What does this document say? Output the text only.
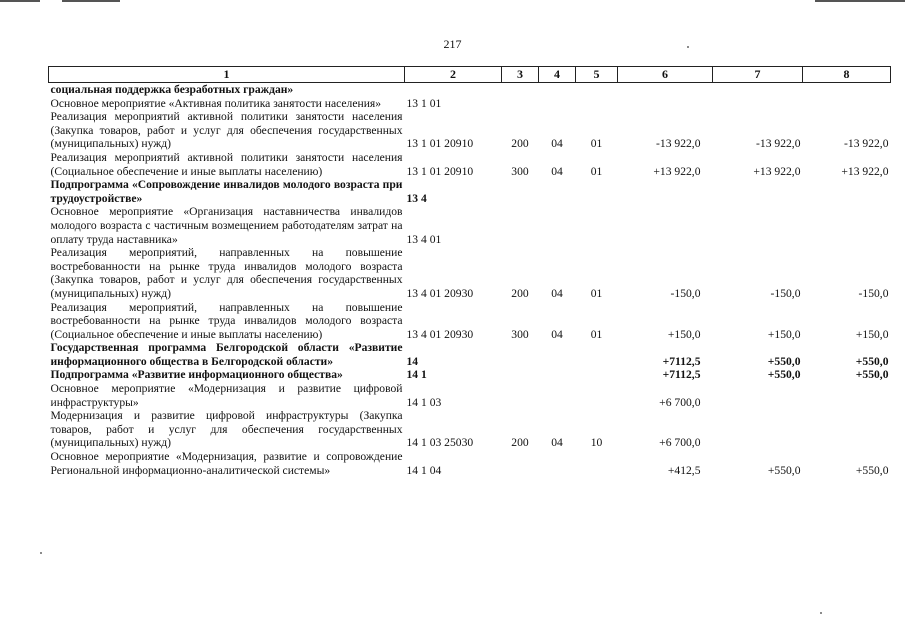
217
1	2	3	4	5	6	7	8
социальная поддержка безработных граждан»							
Основное мероприятие «Активная политика занятости населения»	13 1 01						
Реализация мероприятий активной политики занятости населения (Закупка товаров, работ и услуг для обеспечения государственных (муниципальных) нужд)	13 1 01 20910	200	04	01	-13 922,0	-13 922,0	-13 922,0
Реализация мероприятий активной политики занятости населения (Социальное обеспечение и иные выплаты населению)	13 1 01 20910	300	04	01	+13 922,0	+13 922,0	+13 922,0
Подпрограмма «Сопровождение инвалидов молодого возраста при трудоустройстве»	13 4						
Основное мероприятие «Организация наставничества инвалидов молодого возраста с частичным возмещением работодателям затрат на оплату труда наставника»	13 4 01						
Реализация мероприятий, направленных на повышение востребованности на рынке труда инвалидов молодого возраста (Закупка товаров, работ и услуг для обеспечения государственных (муниципальных) нужд)	13 4 01 20930	200	04	01	-150,0	-150,0	-150,0
Реализация мероприятий, направленных на повышение востребованности на рынке труда инвалидов молодого возраста (Социальное обеспечение и иные выплаты населению)	13 4 01 20930	300	04	01	+150,0	+150,0	+150,0
Государственная программа Белгородской области «Развитие информационного общества в Белгородской области»	14				+7112,5	+550,0	+550,0
Подпрограмма «Развитие информационного общества»	14 1				+7112,5	+550,0	+550,0
Основное мероприятие «Модернизация и развитие цифровой инфраструктуры»	14 1 03				+6 700,0		
Модернизация и развитие цифровой инфраструктуры (Закупка товаров, работ и услуг для обеспечения государственных (муниципальных) нужд)	14 1 03 25030	200	04	10	+6 700,0		
Основное мероприятие «Модернизация, развитие и сопровождение Региональной информационно-аналитической системы»	14 1 04				+412,5	+550,0	+550,0
